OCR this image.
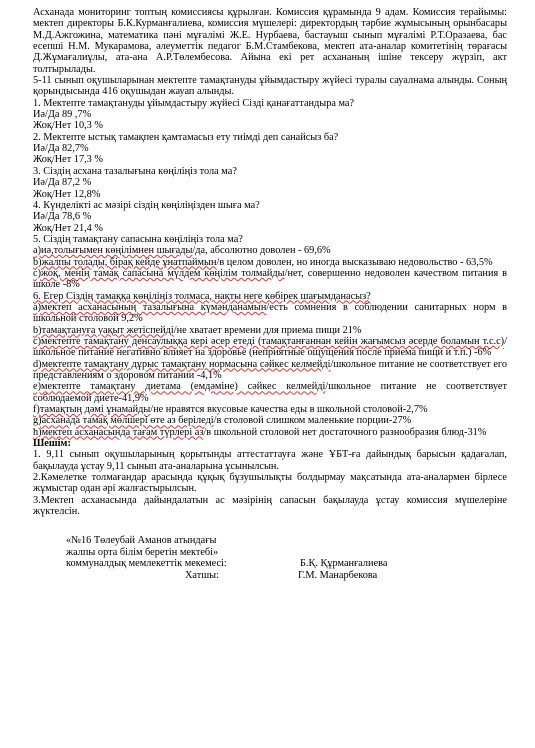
Асханада мониторинг топтың комиссиясы құрылған. Комиссия құрамында 9 адам. Комиссия терайымы: мектеп директоры Б.К.Курманғалиева, комиссия мүшелері: директордың тәрбие жұмысының орынбасары М.Д.Ажгожина, математика пәні мұғалімі Ж.Е. Нурбаева, бастауыш сынып мұғалімі Р.Т.Оразаева, бас есепші Н.М. Мукарамова, әлеуметтік педагог Б.М.Стамбекова, мектеп ата-аналар комитетінің төрағасы Д.Жұмағалиұлы, ата-ана А.Р.Төлембесова. Айына екі рет асхананың ішіне тексеру жүрзіп, акт толтырылады.

5-11 сынып оқушыларынан мектепте тамақтануды ұйымдастыру жүйесі туралы сауалнама алынды. Соның қорындысында 416 оқушыдан жауап алынды.

1. Мектепте тамақтануды ұйымдастыру жүйесі Сізді қанағаттандыра ма?

Иә/Да 89 ,7%

Жоқ/Нет 10,3 %

2. Мектепте ыстық тамақпен қамтамасыз ету тиімді деп санайсыз ба?

Иә/Да 82,7%

Жоқ/Нет 17,3 %

3. Сіздің асхана тазалығына көңіліңіз тола ма?

Иә/Да 87,2 %

Жоқ/Нет 12,8%

4. Күнделікті ас мәзірі сіздің көңіліңізден шыға ма?

Иә/Да 78,6 %

Жоқ/Нет 21,4 %

5. Сіздің тамақтану сапасына көңіліңіз тола ма?

а)иә,толығымен көңілімнен шығады/да, абсолютно доволен - 69,6%

b)жалпы толады, бірақ кейде ұнатпаймын/в целом доволен, но иногда высказываю недовольство - 63,5%

с)жоқ, менің тамақ сапасына мүлдем көңілім толмайды/нет, совершенно недоволен качеством питания в школе -8%

6. Егер Сіздің тамаққа көңіліңіз толмаса, нақты неге көбірек шағымданасыз?

а)мектеп асханасының тазалығына күмәнданамын/есть сомнения в соблюдении санитарных норм в школьной столовой 9,2%

b)тамақтануға уақыт жетіспейді/не хватает времени для приема пищи 21%

с)мектепте тамақтану денсаулыққа кері әсер етеді (тамақтанғаннан кейін жағымсыз әсерде боламын т.с.с)/школьное питание негативно влияет на здоровье (неприятные ощущения после приема пищи и т.п.) -6%

d)мектепте тамақтану дұрыс тамақтану нормасына сәйкес келмейді/школьное питание не соответствует его представлениям о здоровом питании -4,1%

е)мектепте тамақтану диетама (емдәміне) сәйкес келмейді/школьное питание не соответствует соблюдаемой диете-41,9%

f)тамақтың дәмі ұнамайды/не нравятся вкусовые качества еды в школьной столовой-2,7%

g)асханада тамақ мөлшері өте аз беріледі/в столовой слишком маленькие порции-27%

h)мектеп асханасында тағам түрлері аз/в школьной столовой нет достаточного разнообразия блюд-31%

Шешім:

1. 9,11 сынып оқушыларының қорытынды аттестаттауға және ҰБТ-ға дайындық барысын қадағалап, бақылауда ұстау 9,11 сынып ата-аналарына ұсынылсын.

2.Кәмелетке толмағандар арасында құқық бұзушылықты болдырмау мақсатында ата-аналармен бірлесе жұмыстар одан әрі жалғастырылсын.

3.Мектеп асханасында дайындалатын ас мәзірінің сапасын бақылауда ұстау комиссия мүшелеріне жүктелсін.

«№16 Төлеубай Аманов атындағы
жалпы орта білім беретін мектебі»
коммуналдық мемлекеттік мекемесі:	Б.Қ. Құрманғалиева
Хатшы:	Г.М. Манарбекова
